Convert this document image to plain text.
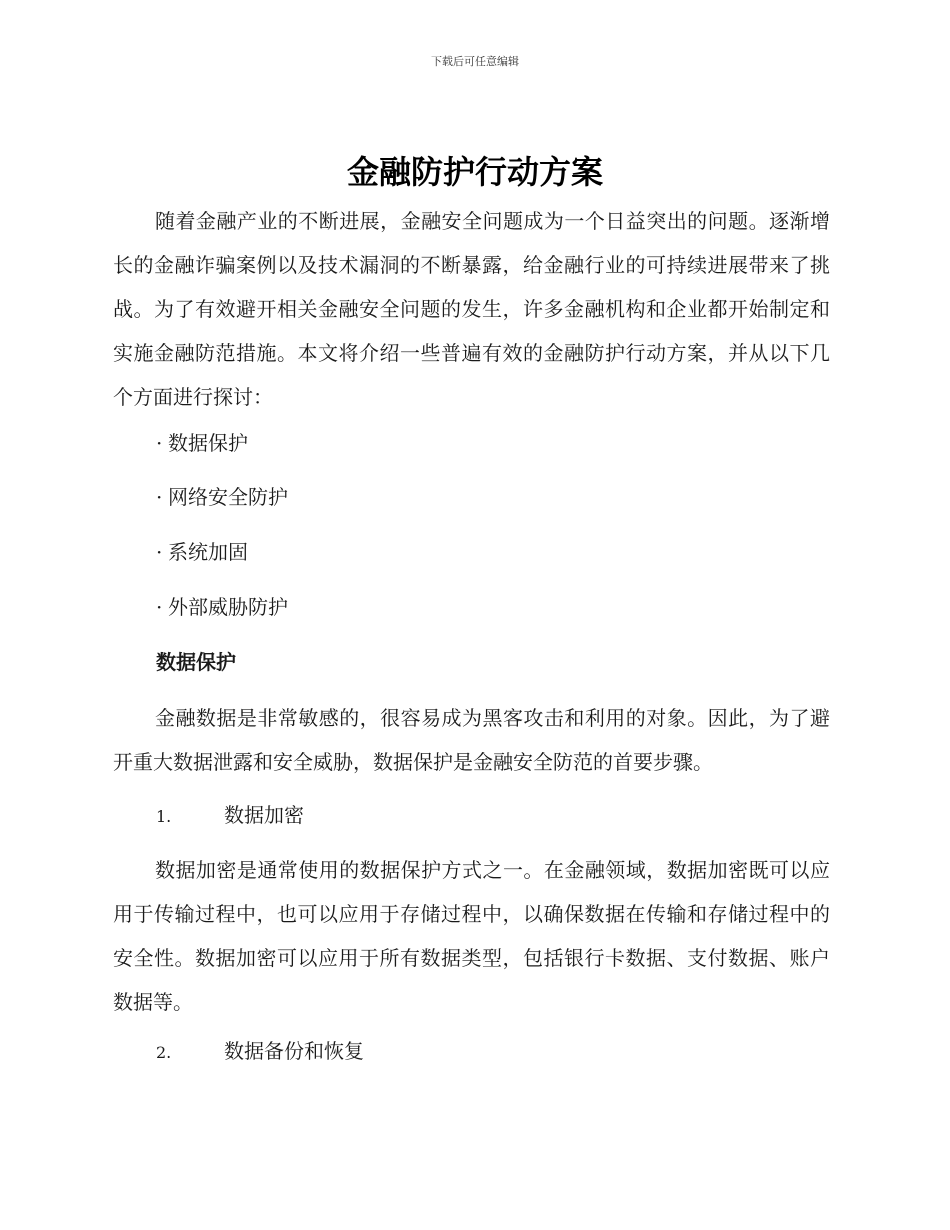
下载后可任意编辑
金融防护行动方案

随着金融产业的不断进展，金融安全问题成为一个日益突出的问题。逐渐增长的金融诈骗案例以及技术漏洞的不断暴露，给金融行业的可持续进展带来了挑战。为了有效避开相关金融安全问题的发生，许多金融机构和企业都开始制定和实施金融防范措施。本文将介绍一些普遍有效的金融防护行动方案，并从以下几个方面进行探讨：

· 数据保护

· 网络安全防护

· 系统加固

· 外部威胁防护

数据保护

金融数据是非常敏感的，很容易成为黑客攻击和利用的对象。因此，为了避开重大数据泄露和安全威胁，数据保护是金融安全防范的首要步骤。

1.	数据加密

数据加密是通常使用的数据保护方式之一。在金融领域，数据加密既可以应用于传输过程中，也可以应用于存储过程中，以确保数据在传输和存储过程中的安全性。数据加密可以应用于所有数据类型，包括银行卡数据、支付数据、账户数据等。

2.	数据备份和恢复
